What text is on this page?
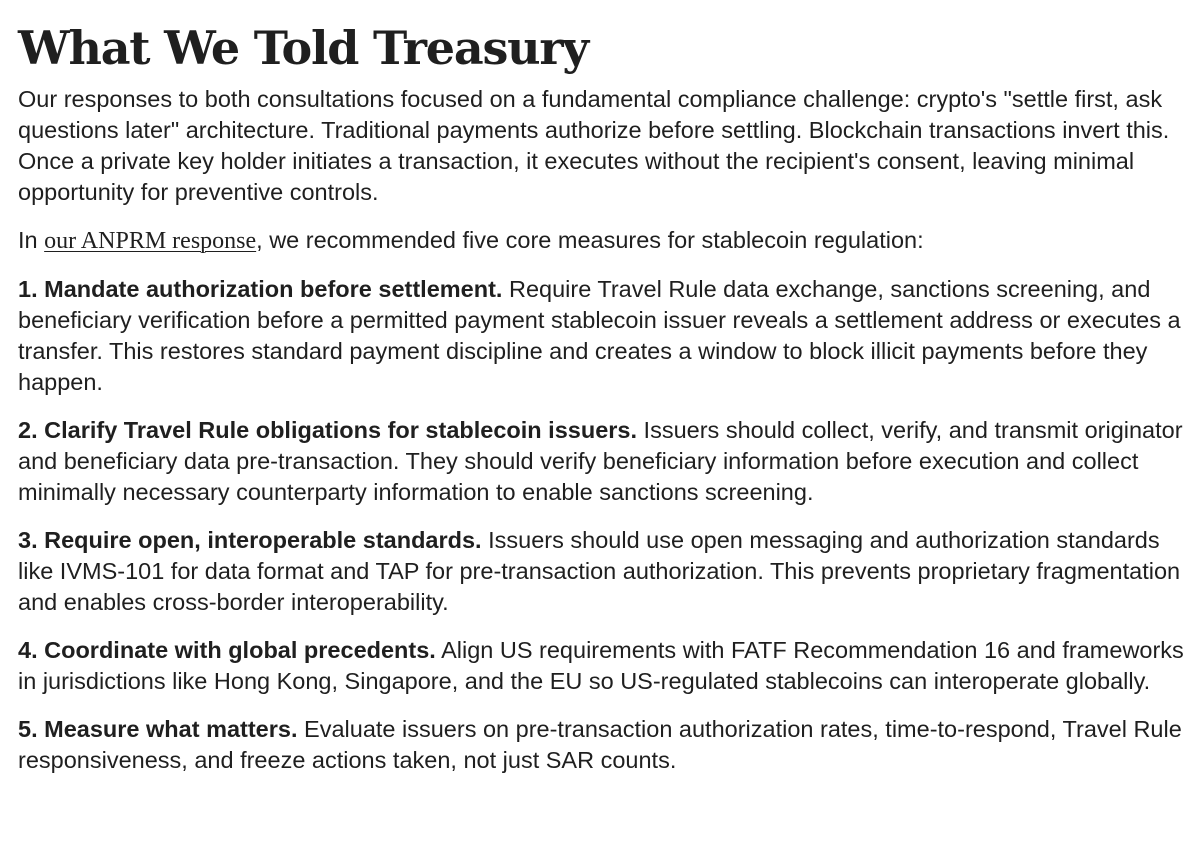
What We Told Treasury

Our responses to both consultations focused on a fundamental compliance challenge: crypto's "settle first, ask questions later" architecture. Traditional payments authorize before settling. Blockchain transactions invert this. Once a private key holder initiates a transaction, it executes without the recipient's consent, leaving minimal opportunity for preventive controls.

In our ANPRM response, we recommended five core measures for stablecoin regulation:

1. Mandate authorization before settlement. Require Travel Rule data exchange, sanctions screening, and beneficiary verification before a permitted payment stablecoin issuer reveals a settlement address or executes a transfer. This restores standard payment discipline and creates a window to block illicit payments before they happen.

2. Clarify Travel Rule obligations for stablecoin issuers. Issuers should collect, verify, and transmit originator and beneficiary data pre-transaction. They should verify beneficiary information before execution and collect minimally necessary counterparty information to enable sanctions screening.

3. Require open, interoperable standards. Issuers should use open messaging and authorization standards like IVMS-101 for data format and TAP for pre-transaction authorization. This prevents proprietary fragmentation and enables cross-border interoperability.

4. Coordinate with global precedents. Align US requirements with FATF Recommendation 16 and frameworks in jurisdictions like Hong Kong, Singapore, and the EU so US-regulated stablecoins can interoperate globally.

5. Measure what matters. Evaluate issuers on pre-transaction authorization rates, time-to-respond, Travel Rule responsiveness, and freeze actions taken, not just SAR counts.
